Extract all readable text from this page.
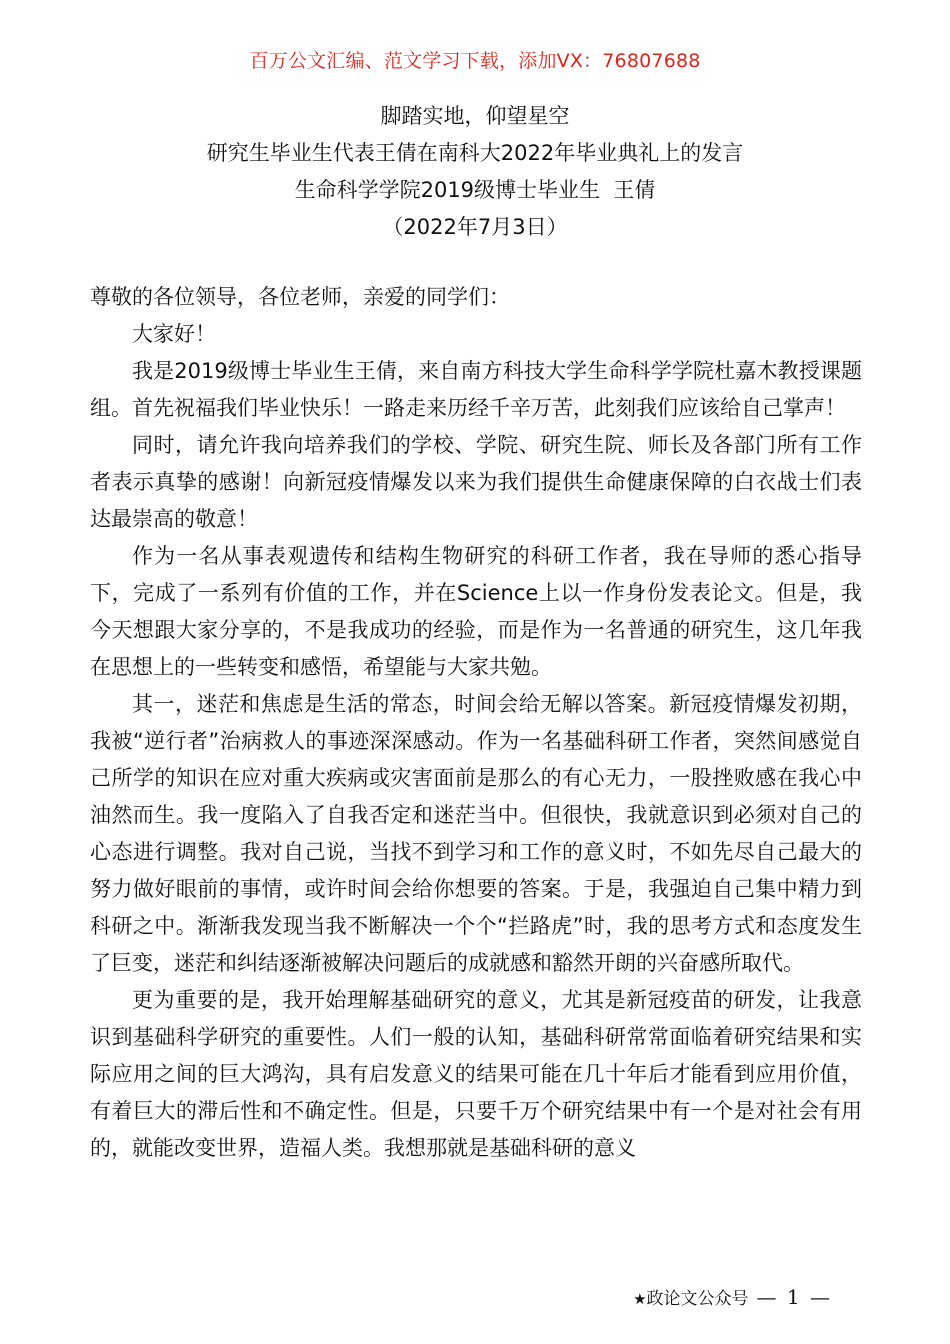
百万公文汇编、范文学习下载，添加VX：76807688
脚踏实地，仰望星空
研究生毕业生代表王倩在南科大2022年毕业典礼上的发言
生命科学学院2019级博士毕业生  王倩
（2022年7月3日）

尊敬的各位领导，各位老师，亲爱的同学们：

大家好！

我是2019级博士毕业生王倩，来自南方科技大学生命科学学院杜嘉木教授课题组。首先祝福我们毕业快乐！一路走来历经千辛万苦，此刻我们应该给自己掌声！

同时，请允许我向培养我们的学校、学院、研究生院、师长及各部门所有工作者表示真挚的感谢！向新冠疫情爆发以来为我们提供生命健康保障的白衣战士们表达最崇高的敬意！

作为一名从事表观遗传和结构生物研究的科研工作者，我在导师的悉心指导下，完成了一系列有价值的工作，并在Science上以一作身份发表论文。但是，我今天想跟大家分享的，不是我成功的经验，而是作为一名普通的研究生，这几年我在思想上的一些转变和感悟，希望能与大家共勉。

其一，迷茫和焦虑是生活的常态，时间会给无解以答案。新冠疫情爆发初期，我被“逆行者”治病救人的事迹深深感动。作为一名基础科研工作者，突然间感觉自己所学的知识在应对重大疾病或灾害面前是那么的有心无力，一股挫败感在我心中油然而生。我一度陷入了自我否定和迷茫当中。但很快，我就意识到必须对自己的心态进行调整。我对自己说，当找不到学习和工作的意义时，不如先尽自己最大的努力做好眼前的事情，或许时间会给你想要的答案。于是，我强迫自己集中精力到科研之中。渐渐我发现当我不断解决一个个“拦路虎”时，我的思考方式和态度发生了巨变，迷茫和纠结逐渐被解决问题后的成就感和豁然开朗的兴奋感所取代。

更为重要的是，我开始理解基础研究的意义，尤其是新冠疫苗的研发，让我意识到基础科学研究的重要性。人们一般的认知，基础科研常常面临着研究结果和实际应用之间的巨大鸿沟，具有启发意义的结果可能在几十年后才能看到应用价值，有着巨大的滞后性和不确定性。但是，只要千万个研究结果中有一个是对社会有用的，就能改变世界，造福人类。我想那就是基础科研的意义

★政论文公众号 — 1 —
